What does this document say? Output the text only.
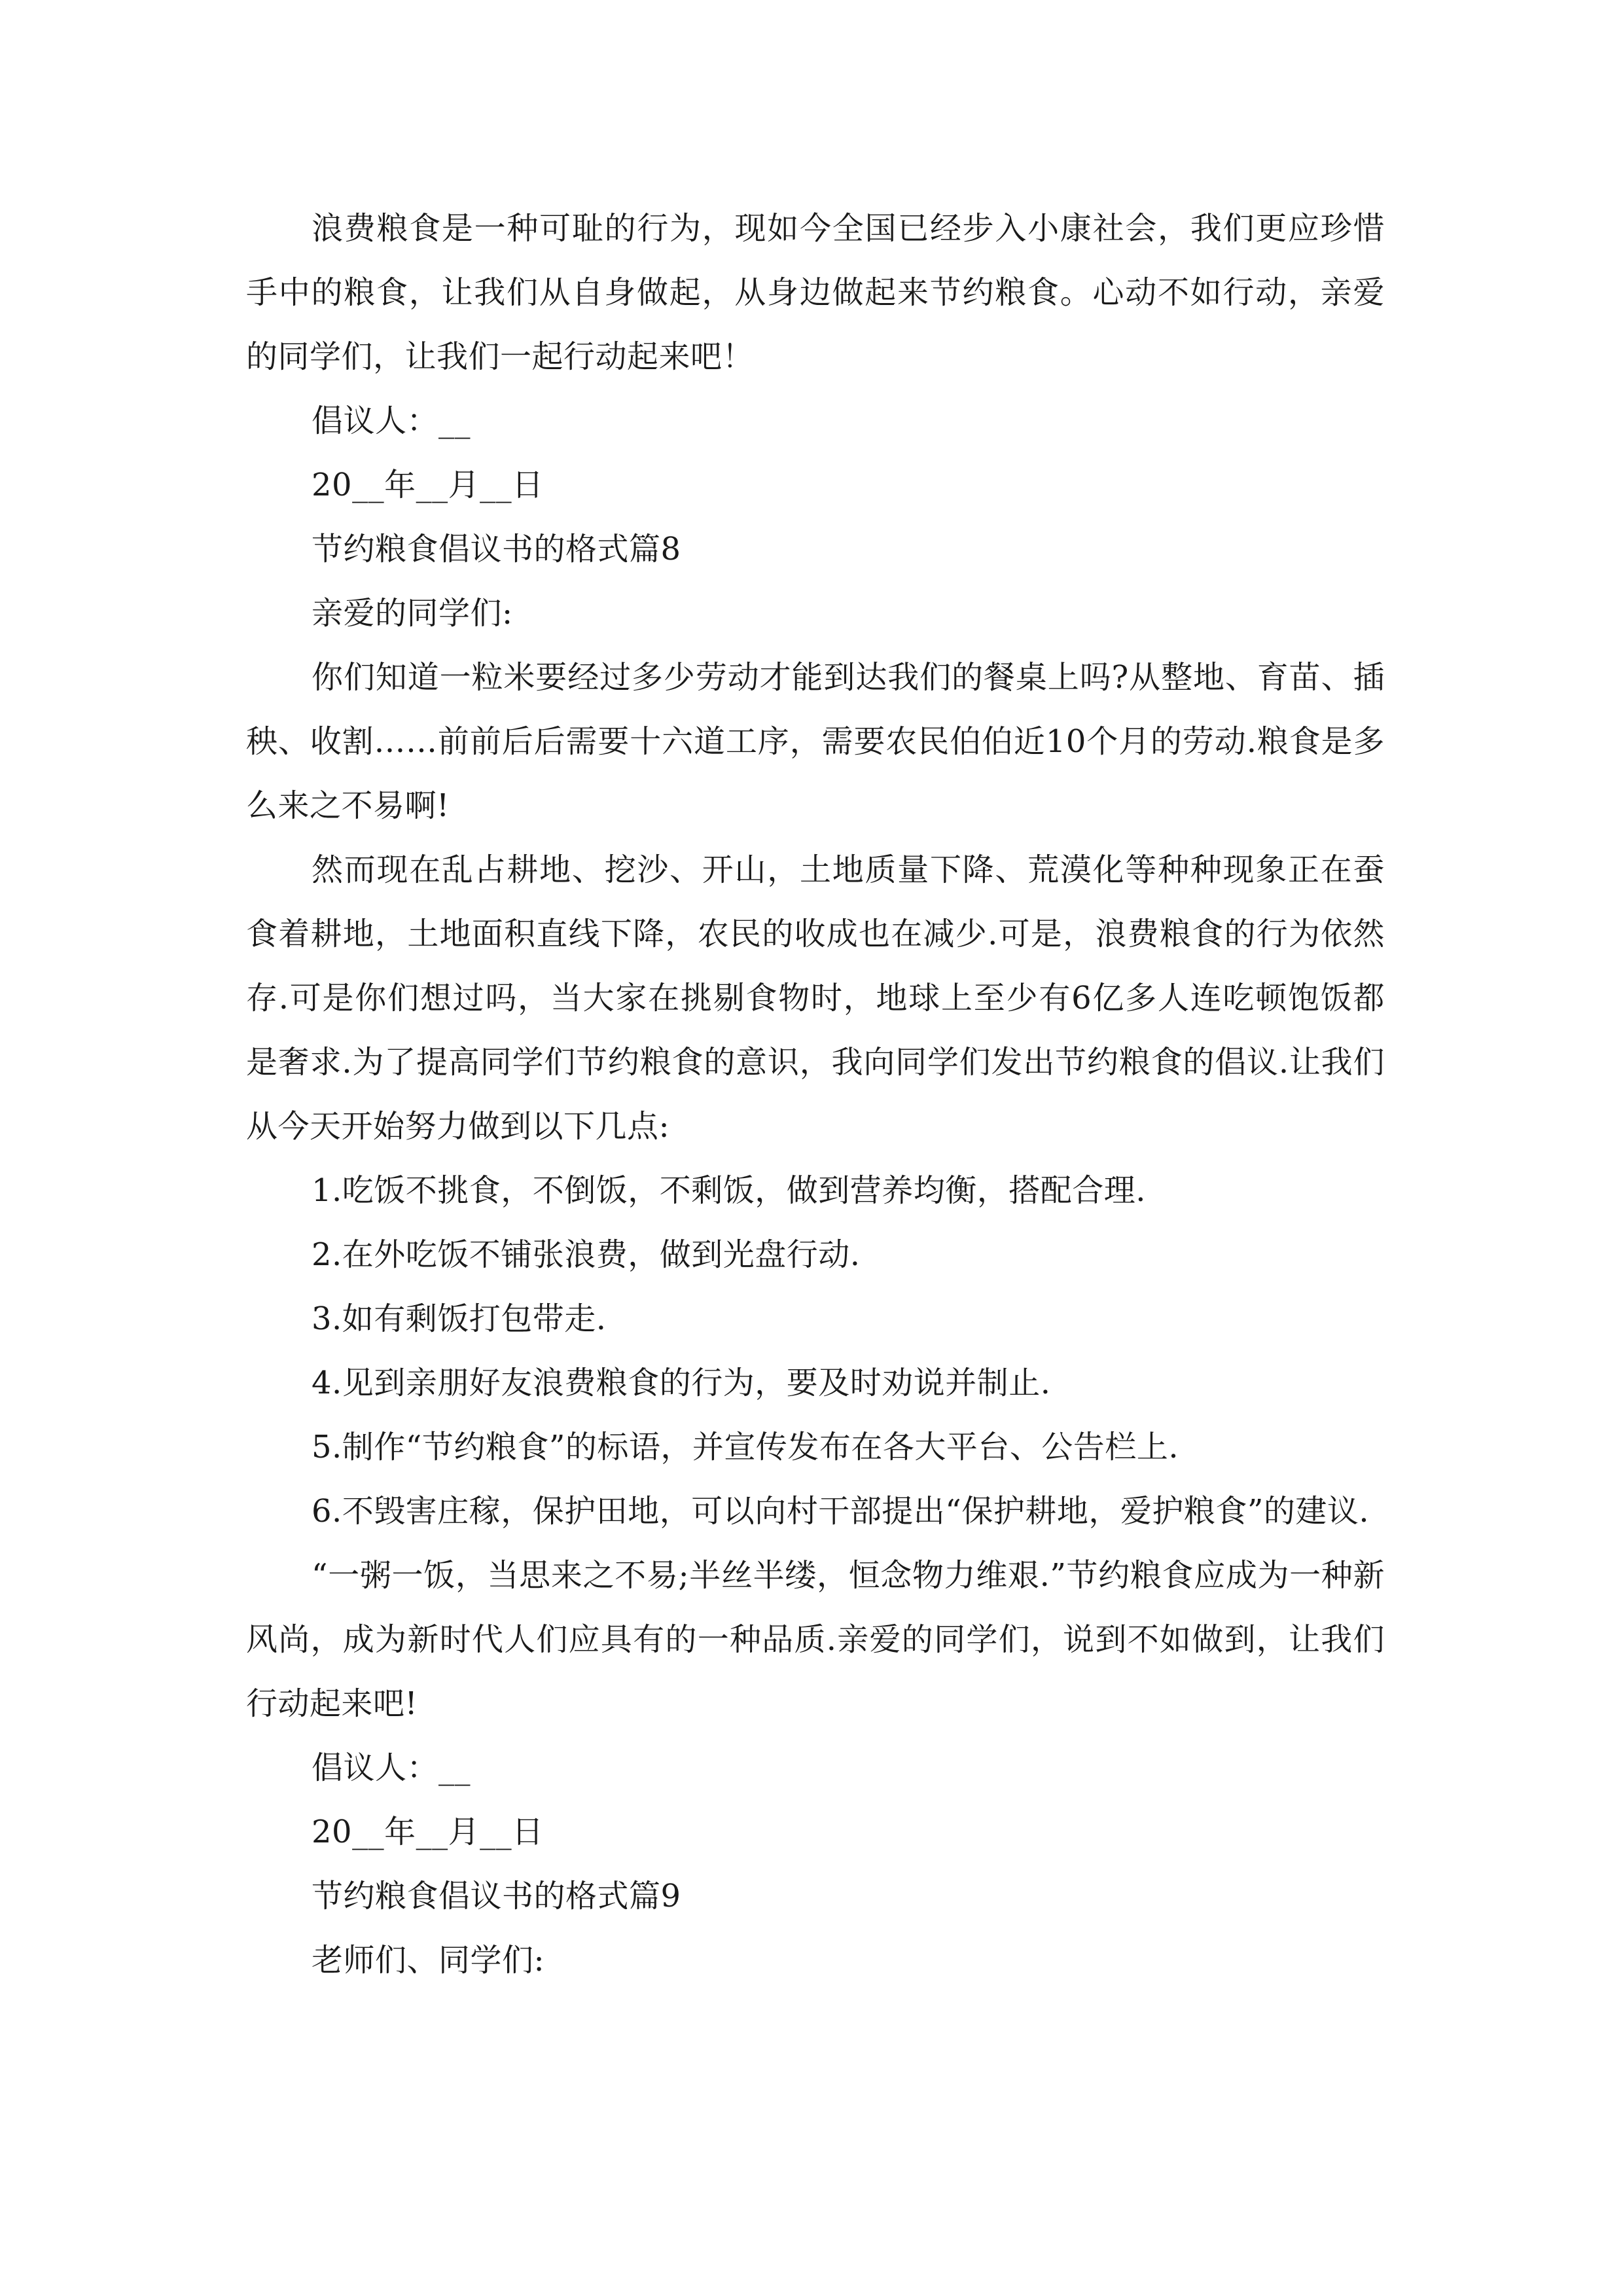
浪费粮食是一种可耻的行为，现如今全国已经步入小康社会，我们更应珍惜手中的粮食，让我们从自身做起，从身边做起来节约粮食。心动不如行动，亲爱的同学们，让我们一起行动起来吧！

倡议人：__

20__年__月__日

节约粮食倡议书的格式篇8

亲爱的同学们:

你们知道一粒米要经过多少劳动才能到达我们的餐桌上吗?从整地、育苗、插秧、收割……前前后后需要十六道工序，需要农民伯伯近10个月的劳动.粮食是多么来之不易啊!

然而现在乱占耕地、挖沙、开山，土地质量下降、荒漠化等种种现象正在蚕食着耕地，土地面积直线下降，农民的收成也在减少.可是，浪费粮食的行为依然存.可是你们想过吗，当大家在挑剔食物时，地球上至少有6亿多人连吃顿饱饭都是奢求.为了提高同学们节约粮食的意识，我向同学们发出节约粮食的倡议.让我们从今天开始努力做到以下几点:

1.吃饭不挑食，不倒饭，不剩饭，做到营养均衡，搭配合理.

2.在外吃饭不铺张浪费，做到光盘行动.

3.如有剩饭打包带走.

4.见到亲朋好友浪费粮食的行为，要及时劝说并制止.

5.制作“节约粮食”的标语，并宣传发布在各大平台、公告栏上.

6.不毁害庄稼，保护田地，可以向村干部提出“保护耕地，爱护粮食”的建议.

“一粥一饭，当思来之不易;半丝半缕，恒念物力维艰.”节约粮食应成为一种新风尚，成为新时代人们应具有的一种品质.亲爱的同学们，说到不如做到，让我们行动起来吧!

倡议人：__

20__年__月__日

节约粮食倡议书的格式篇9

老师们、同学们:
